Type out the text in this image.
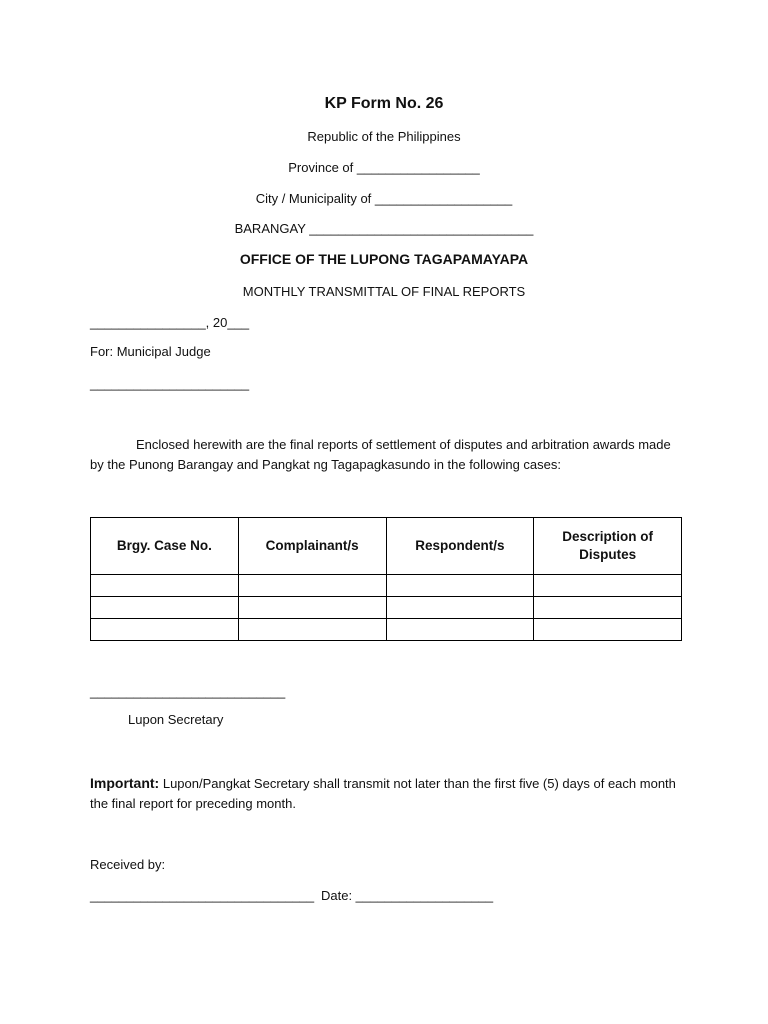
KP Form No. 26
Republic of the Philippines
Province of _________________
City / Municipality of ___________________
BARANGAY _______________________________
OFFICE OF THE LUPONG TAGAPAMAYAPA
MONTHLY TRANSMITTAL OF FINAL REPORTS
________________, 20___
For: Municipal Judge
______________________
Enclosed herewith are the final reports of settlement of disputes and arbitration awards made by the Punong Barangay and Pangkat ng Tagapagkasundo in the following cases:
Brgy. Case No.	Complainant/s	Respondent/s	Description of Disputes

___________________________
Lupon Secretary
Important: Lupon/Pangkat Secretary shall transmit not later than the first five (5) days of each month the final report for preceding month.
Received by:
_______________________________ Date: ___________________
